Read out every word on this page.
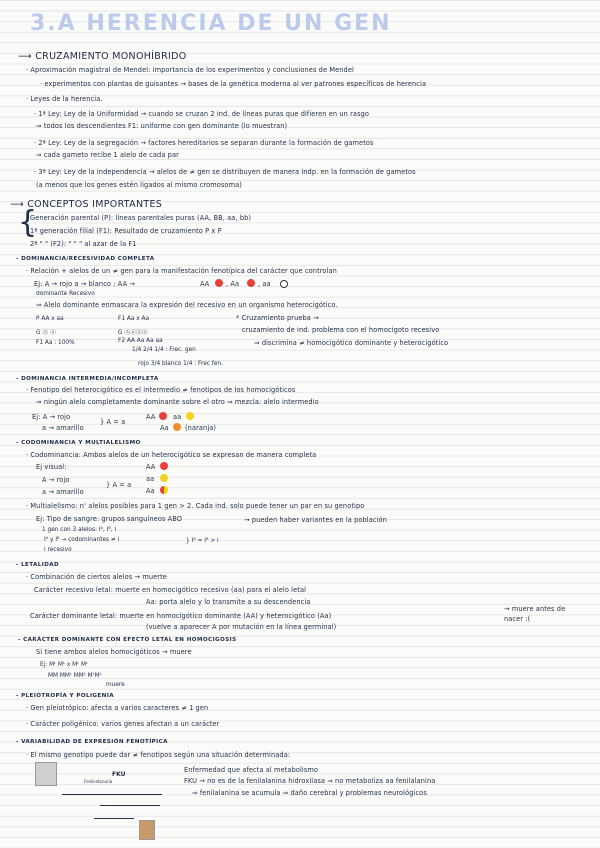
3.A HERENCIA DE UN GEN
⟶ CRUZAMIENTO MONOHÍBRIDO
· Aproximación magistral de Mendel: importancia de los experimentos y conclusiones de Mendel
· experimentos con plantas de guisantes → bases de la genética moderna al ver patrones específicos de herencia
· Leyes de la herencia.
· 1ª Ley: Ley de la Uniformidad → cuando se cruzan 2 ind. de líneas puras que difieren en un rasgo
⇒ todos los descendientes F1: uniforme con gen dominante (lo muestran)
· 2ª Ley: Ley de la segregación → factores hereditarios se separan durante la formación de gametos
⇒ cada gameto recibe 1 alelo de cada par
· 3ª Ley: Ley de la independencia → alelos de ≠ gen se distribuyen de manera indp. en la formación de gametos
(a menos que los genes estén ligados al mismo cromosoma)
⟶ CONCEPTOS IMPORTANTES
{
Generación parental (P): líneas parentales puras (AA, BB, aa, bb)
1ª generación filial (F1): Resultado de cruzamiento P x P
2ª " " (F2): " " " al azar de la F1
- DOMINANCIA/RECESIVIDAD COMPLETA
· Relación + alelos de un ≠ gen para la manifestación fenotípica del carácter que controlan
Ej: A → rojo a → blanco : AA →	AA	, Aa	, aa
dominante Recesivo
⇒ Alelo dominante enmascara la expresión del recesivo en un organismo heterocigótico.
P AA x aa
G Ⓐ ⓐ
F1 Aa : 100%
F1 Aa x Aa
G ⒶⓐⒶⓐ
F2 AA Aa Aa aa
1/4 2/4 1/4 : Frec. gen
rojo 3/4 blanco 1/4 : Frec fen.
* Cruzamiento prueba →
cruzamiento de ind. problema con el homocigoto recesivo
⇒ discrimina ≠ homocigótico dominante y heterocigótico
- DOMINANCIA INTERMEDIA/INCOMPLETA
· Fenotipo del heterocigótico es el intermedio ≠ fenotipos de los homocigóticos
⇒ ningún alelo completamente dominante sobre el otro ⇒ mezcla: alelo intermedio
Ej: A → rojo
a → amarillo
} A = a
AA	aa
Aa (naranja)
- CODOMINANCIA Y MULTIALELISMO
· Codominancia: Ambos alelos de un heterocigótico se expresan de manera completa
Ej visual:
A → rojo
a → amarillo
} A = a
AA
aa
Aa
· Multialelismo: n' alelos posibles para 1 gen > 2. Cada ind. solo puede tener un par en su genotipo
Ej: Tipo de sangre: grupos sanguíneos ABO
1 gen con 3 alelos: Iᴬ, Iᴮ, i
Iᴬ y Iᴮ → codominantes ≠ i
i recesivo
} Iᴬ = Iᴮ > i
→ pueden haber variantes en la población
- LETALIDAD
· Combinación de ciertos alelos → muerte
Carácter recesivo letal: muerte en homocigótico recesivo (aa) para el alelo letal
Aa: porta alelo y lo transmite a su descendencia
Carácter dominante letal: muerte en homocigótico dominante (AA) y heterocigótico (Aa)
(vuelve a aparecer A por mutación en la línea germinal)
→ muere antes de nacer :(
- CARÁCTER DOMINANTE CON EFECTO LETAL EN HOMOCIGOSIS
Si tiene ambos alelos homocigóticos → muere
Ej: Mᴸ Mᴸ x Mᴸ Mᴸ
MM MMᴸ MMᴸ MᴸMᴸ
muere
- PLEIOTROPÍA Y POLIGENIA
· Gen pleiotrópico: afecta a varios caracteres ≠ 1 gen
· Carácter poligénico: varios genes afectan a un carácter
- VARIABILIDAD DE EXPRESIÓN FENOTÍPICA
· El mismo genotipo puede dar ≠ fenotipos según una situación determinada:
Enfermedad que afecta al metabolismo
FKU → no es de la fenilalanina hidroxilasa ⇒ no metaboliza aa fenilalanina
⇒ fenilalanina se acumula ⇒ daño cerebral y problemas neurológicos
FKU
Fenilcetonuria
